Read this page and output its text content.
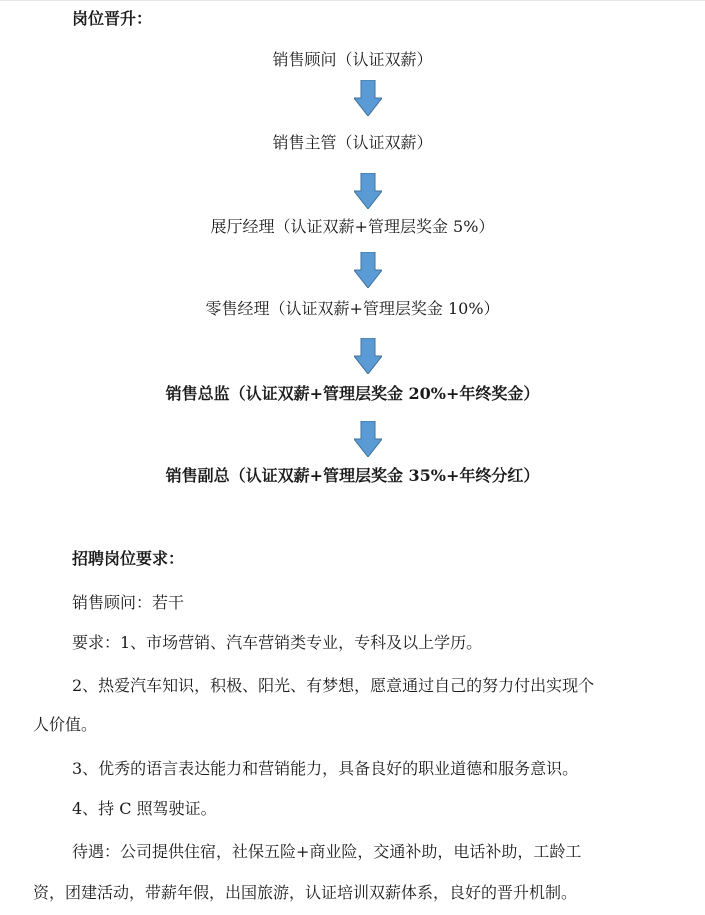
岗位晋升：
销售顾问（认证双薪）
销售主管（认证双薪）
展厅经理（认证双薪+管理层奖金 5%）
零售经理（认证双薪+管理层奖金 10%）
销售总监（认证双薪+管理层奖金 20%+年终奖金）
销售副总（认证双薪+管理层奖金 35%+年终分红）
招聘岗位要求：
销售顾问：若干
要求：1、市场营销、汽车营销类专业，专科及以上学历。
2、热爱汽车知识，积极、阳光、有梦想，愿意通过自己的努力付出实现个
人价值。
3、优秀的语言表达能力和营销能力，具备良好的职业道德和服务意识。
4、持 C 照驾驶证。
待遇：公司提供住宿，社保五险+商业险，交通补助，电话补助，工龄工
资，团建活动，带薪年假，出国旅游，认证培训双薪体系，良好的晋升机制。
